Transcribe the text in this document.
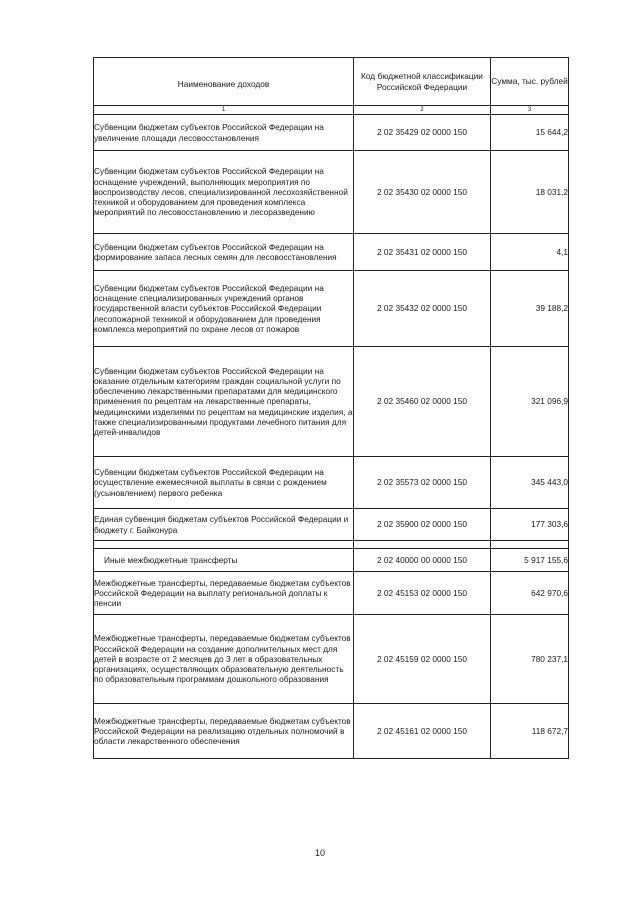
Наименование доходов	Код бюджетной классификации Российской Федерации	Сумма, тыс. рублей
1	2	3
Субвенции бюджетам субъектов Российской Федерации на увеличение площади лесовосстановления	2 02 35429 02 0000 150	15 644,2
Субвенции бюджетам субъектов Российской Федерации на оснащение учреждений, выполняющих мероприятия по воспроизводству лесов, специализированной лесохозяйственной техникой и оборудованием для проведения комплекса мероприятий по лесовосстановлению и лесоразведению	2 02 35430 02 0000 150	18 031,2
Субвенции бюджетам субъектов Российской Федерации на формирование запаса лесных семян для лесовосстановления	2 02 35431 02 0000 150	4,1
Субвенции бюджетам субъектов Российской Федерации на оснащение специализированных учреждений органов государственной власти субъектов Российской Федерации лесопожарной техникой и оборудованием для проведения комплекса мероприятий по охране лесов от пожаров	2 02 35432 02 0000 150	39 188,2
Субвенции бюджетам субъектов Российской Федерации на оказание отдельным категориям граждан социальной услуги по обеспечению лекарственными препаратами для медицинского применения по рецептам на лекарственные препараты, медицинскими изделиями по рецептам на медицинские изделия, а также специализированными продуктами лечебного питания для детей-инвалидов	2 02 35460 02 0000 150	321 096,9
Субвенции бюджетам субъектов Российской Федерации на осуществление ежемесячной выплаты в связи с рождением (усыновлением) первого ребенка	2 02 35573 02 0000 150	345 443,0
Единая субвенция бюджетам субъектов Российской Федерации и бюджету г. Байконура	2 02 35900 02 0000 150	177 303,6

Иные межбюджетные трансферты	2 02 40000 00 0000 150	5 917 155,6
Межбюджетные трансферты, передаваемые бюджетам субъектов Российской Федерации на выплату региональной доплаты к пенсии	2 02 45153 02 0000 150	642 970,6
Межбюджетные трансферты, передаваемые бюджетам субъектов Российской Федерации на создание дополнительных мест для детей в возрасте от 2 месяцев до 3 лет в образовательных организациях, осуществляющих образовательную деятельность по образовательным программам дошкольного образования	2 02 45159 02 0000 150	780 237,1
Межбюджетные трансферты, передаваемые бюджетам субъектов Российской Федерации на реализацию отдельных полномочий в области лекарственного обеспечения	2 02 45161 02 0000 150	118 672,7
10
